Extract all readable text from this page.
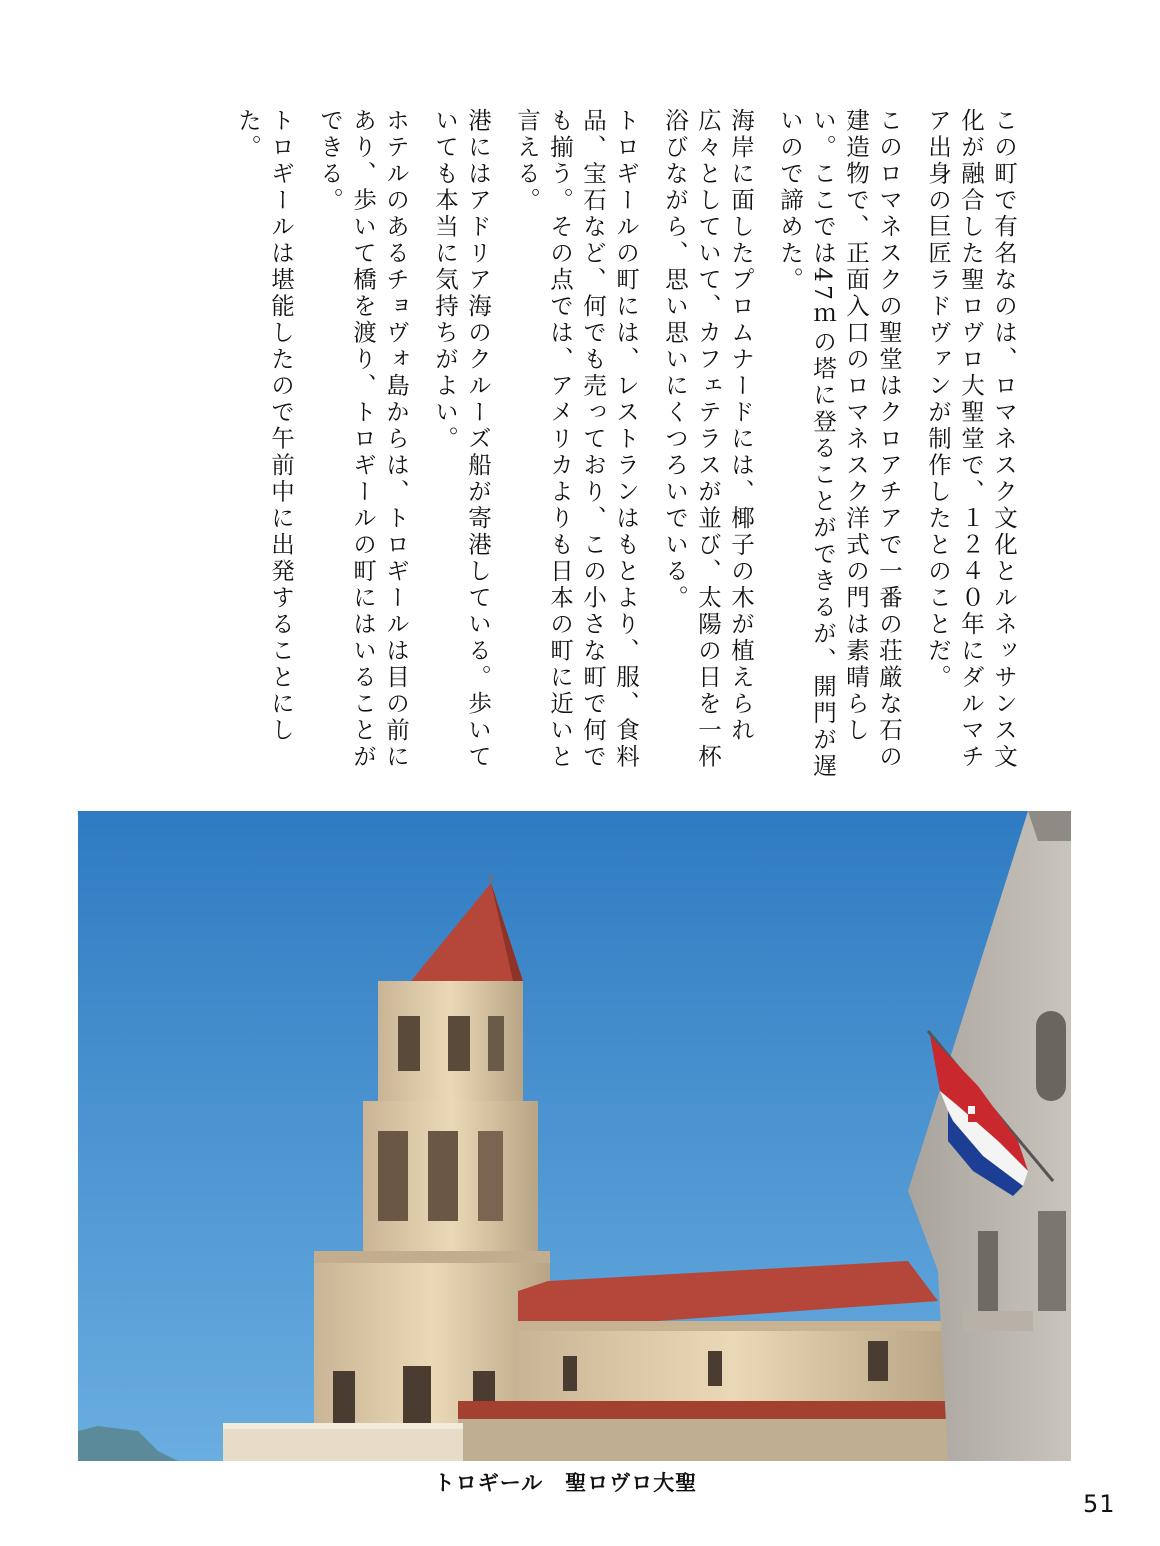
この町で有名なのは、ロマネスク文化とルネッサンス文化が融合した聖ロヴロ大聖堂で、１２４０年にダルマチア出身の巨匠ラドヴァンが制作したとのことだ。

このロマネスクの聖堂はクロアチアで一番の荘厳な石の建造物で、正面入口のロマネスク洋式の門は素晴らしい。ここでは47ｍの塔に登ることができるが、開門が遅いので諦めた。

海岸に面したプロムナードには、椰子の木が植えられ広々としていて、カフェテラスが並び、太陽の日を一杯浴びながら、思い思いにくつろいでいる。

トロギールの町には、レストランはもとより、服、食料品、宝石など、何でも売っており、この小さな町で何でも揃う。その点では、アメリカよりも日本の町に近いと言える。

港にはアドリア海のクルーズ船が寄港している。歩いていても本当に気持ちがよい。

ホテルのあるチョヴォ島からは、トロギールは目の前にあり、歩いて橋を渡り、トロギールの町にはいることができる。

トロギールは堪能したので午前中に出発することにした。

トロギール　聖ロヴロ大聖
51
